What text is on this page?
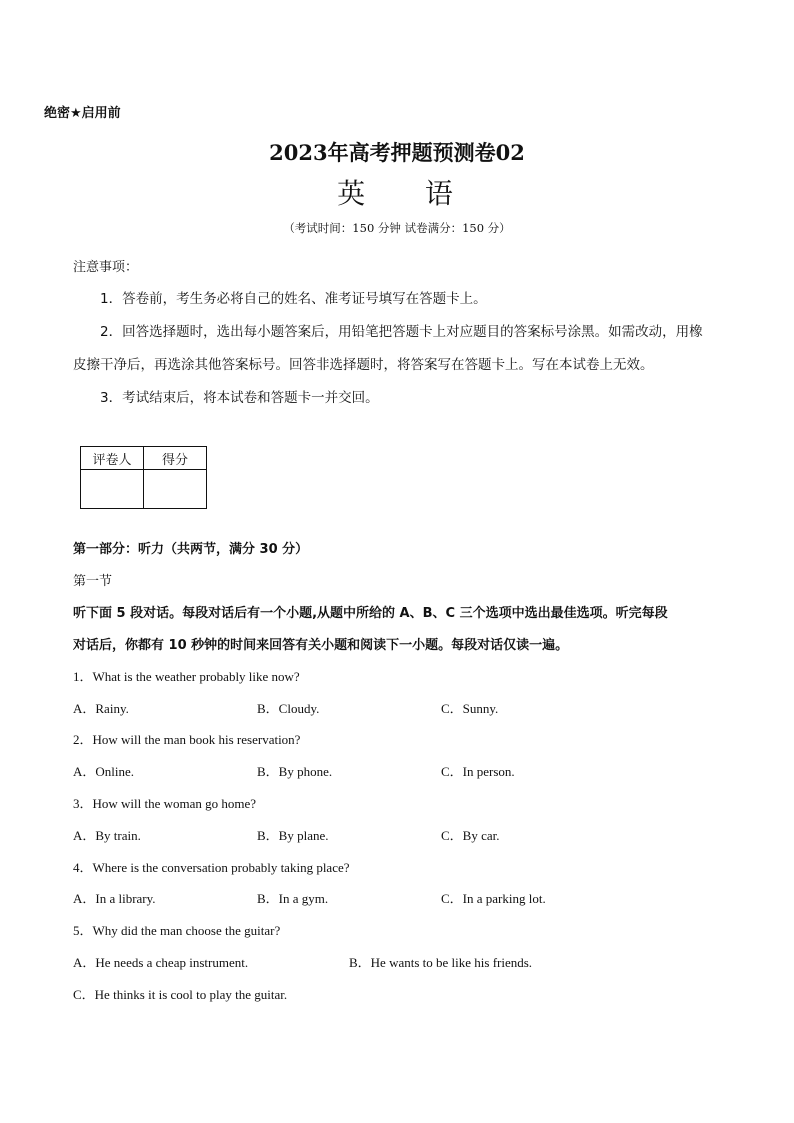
绝密★启用前
2023年高考押题预测卷02
英 语
（考试时间：150 分钟 试卷满分：150 分）
注意事项：
1．答卷前，考生务必将自己的姓名、准考证号填写在答题卡上。
2．回答选择题时，选出每小题答案后，用铅笔把答题卡上对应题目的答案标号涂黑。如需改动，用橡
皮擦干净后，再选涂其他答案标号。回答非选择题时，将答案写在答题卡上。写在本试卷上无效。
3．考试结束后，将本试卷和答题卡一并交回。
评卷人	得分

第一部分：听力（共两节，满分 30 分）
第一节
听下面 5 段对话。每段对话后有一个小题,从题中所给的 A、B、C 三个选项中选出最佳选项。听完每段
对话后，你都有 10 秒钟的时间来回答有关小题和阅读下一小题。每段对话仅读一遍。
1．What is the weather probably like now?
A．Rainy.	B．Cloudy.	C．Sunny.
2．How will the man book his reservation?
A．Online.	B．By phone.	C．In person.
3．How will the woman go home?
A．By train.	B．By plane.	C．By car.
4．Where is the conversation probably taking place?
A．In a library.	B．In a gym.	C．In a parking lot.
5．Why did the man choose the guitar?
A．He needs a cheap instrument.	B．He wants to be like his friends.
C．He thinks it is cool to play the guitar.
